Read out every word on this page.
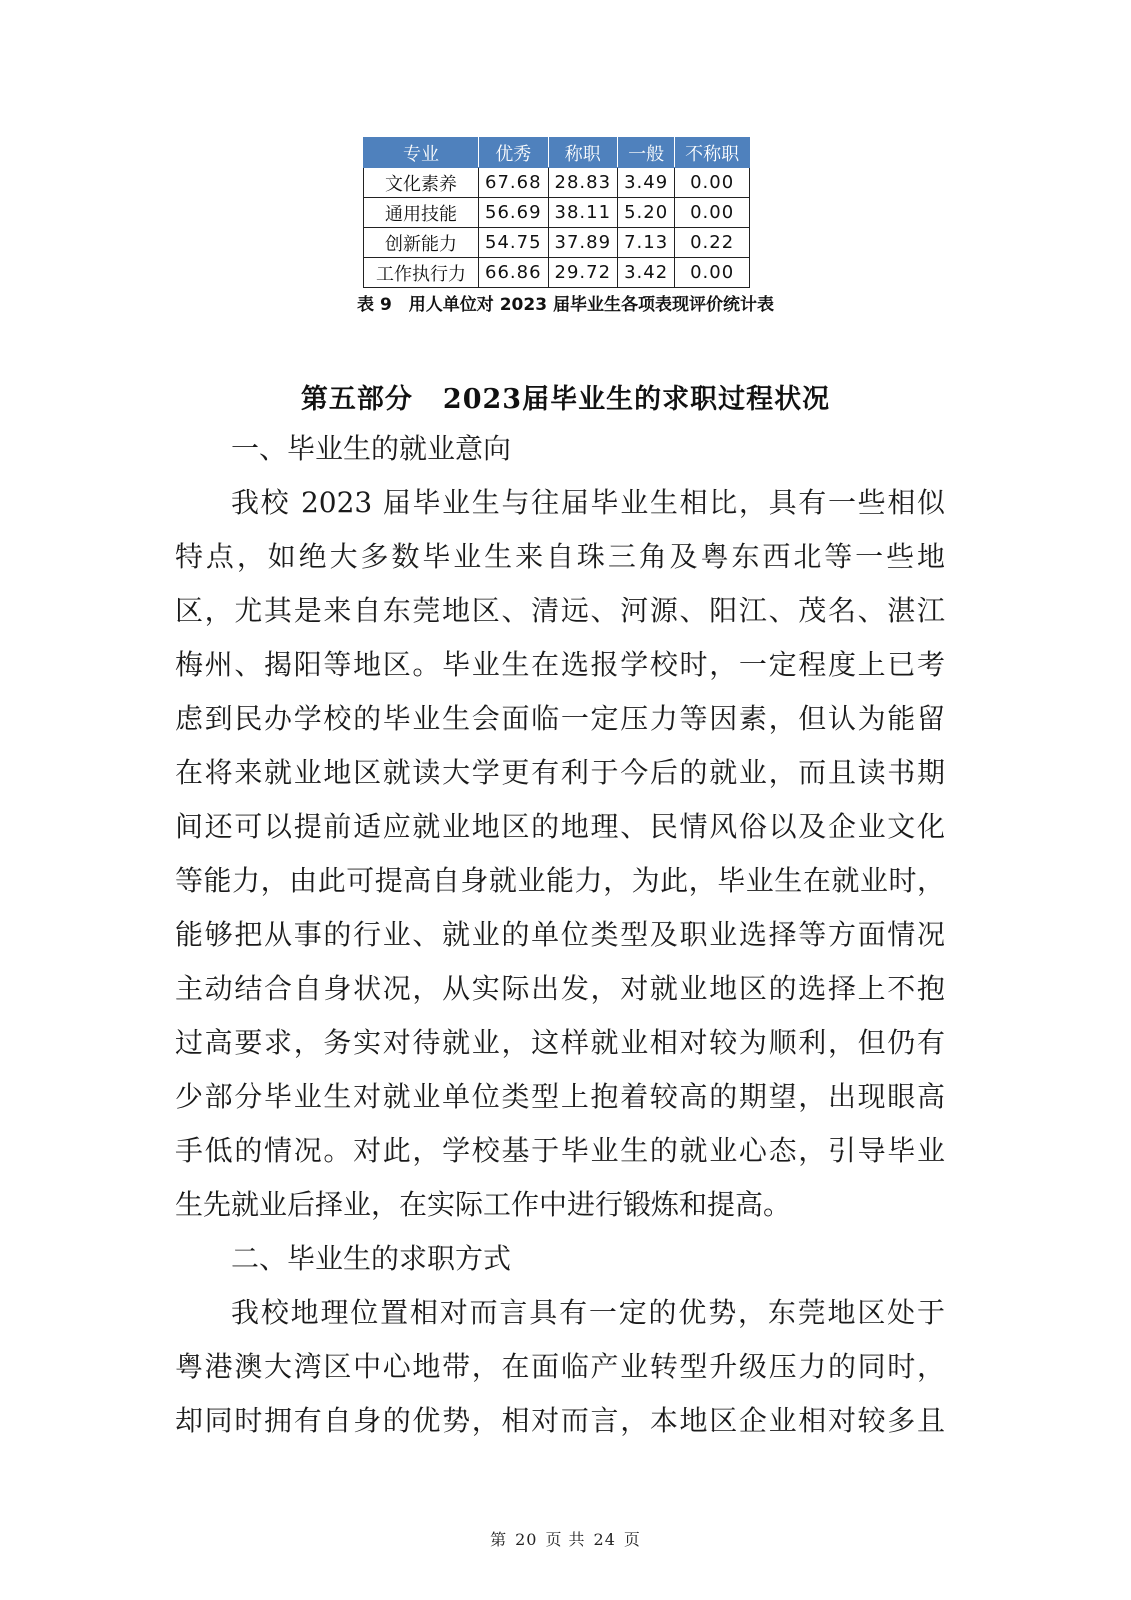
专业	优秀	称职	一般	不称职
文化素养	67.68	28.83	3.49	0.00
通用技能	56.69	38.11	5.20	0.00
创新能力	54.75	37.89	7.13	0.22
工作执行力	66.86	29.72	3.42	0.00
表 9　用人单位对 2023 届毕业生各项表现评价统计表
第五部分 2023届毕业生的求职过程状况
一、毕业生的就业意向
我校 2023 届毕业生与往届毕业生相比，具有一些相似
特点，如绝大多数毕业生来自珠三角及粤东西北等一些地
区，尤其是来自东莞地区、清远、河源、阳江、茂名、湛江
梅州、揭阳等地区。毕业生在选报学校时，一定程度上已考
虑到民办学校的毕业生会面临一定压力等因素，但认为能留
在将来就业地区就读大学更有利于今后的就业，而且读书期
间还可以提前适应就业地区的地理、民情风俗以及企业文化
等能力，由此可提高自身就业能力，为此，毕业生在就业时，
能够把从事的行业、就业的单位类型及职业选择等方面情况
主动结合自身状况，从实际出发，对就业地区的选择上不抱
过高要求，务实对待就业，这样就业相对较为顺利，但仍有
少部分毕业生对就业单位类型上抱着较高的期望，出现眼高
手低的情况。对此，学校基于毕业生的就业心态，引导毕业
生先就业后择业，在实际工作中进行锻炼和提高。
二、毕业生的求职方式
我校地理位置相对而言具有一定的优势，东莞地区处于
粤港澳大湾区中心地带，在面临产业转型升级压力的同时，
却同时拥有自身的优势，相对而言，本地区企业相对较多且
第 20 页 共 24 页
